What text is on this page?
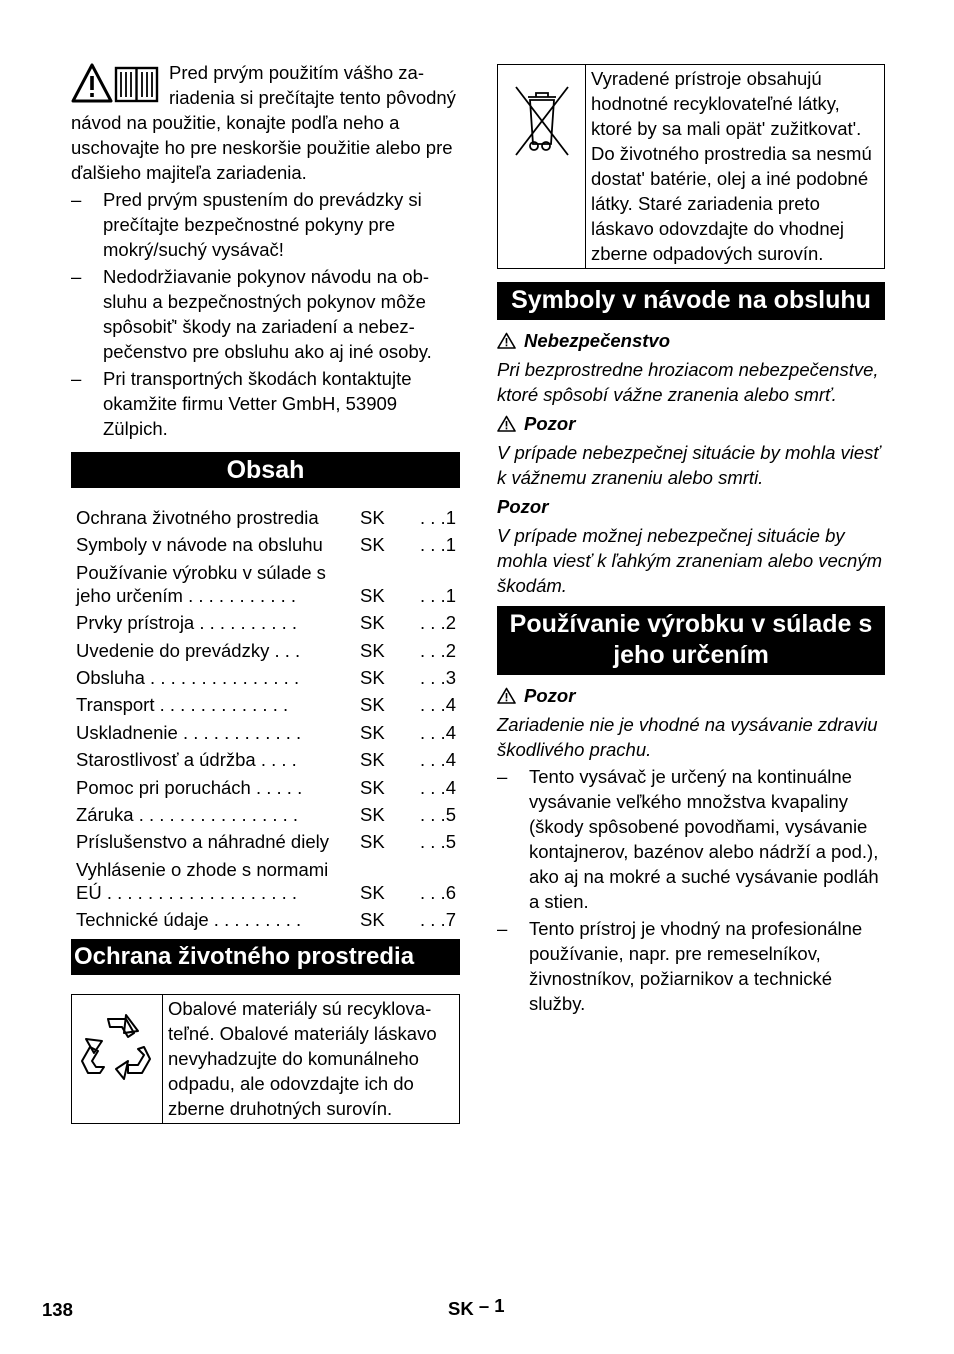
Pred prvým použitím vášho zariadenia si prečítajte tento pôvodný návod na použitie, konajte podľa neho a uschovajte ho pre neskoršie použitie alebo pre ďalšieho majiteľa zariadenia.

– Pred prvým spustením do prevádzky si prečítajte bezpečnostné pokyny pre mokrý/suchý vysávač!
– Nedodržiavanie pokynov návodu na obsluhu a bezpečnostných pokynov môže spôsobiť' škody na zariadení a nebezpečenstvo pre obsluhu ako aj iné osoby.
– Pri transportných škodách kontaktujte okamžite firmu Vetter GmbH, 53909 Zülpich.
Obsah
Ochrana životného prostredia	SK	. . .1
Symboly v návode na obsluhu	SK	. . .1
Používanie výrobku v súlade s
jeho určením . . . . . . . . . . .	SK	. . .1
Prvky prístroja . . . . . . . . . .	SK	. . .2
Uvedenie do prevádzky . . .	SK	. . .2
Obsluha . . . . . . . . . . . . . . .	SK	. . .3
Transport . . . . . . . . . . . . .	SK	. . .4
Uskladnenie . . . . . . . . . . . .	SK	. . .4
Starostlivosť a údržba . . . .	SK	. . .4
Pomoc pri poruchách . . . . .	SK	. . .4
Záruka . . . . . . . . . . . . . . . .	SK	. . .5
Príslušenstvo a náhradné diely	SK	. . .5
Vyhlásenie o zhode s normami
EÚ . . . . . . . . . . . . . . . . . . .	SK	. . .6
Technické údaje . . . . . . . . .	SK	. . .7
Ochrana životného prostredia
Obalové materiály sú recyklovateľné. Obalové materiály láskavo nevyhadzujte do komunálneho odpadu, ale odovzdajte ich do zberne druhotných surovín.
Vyradené prístroje obsahujú hodnotné recyklovateľné látky, ktoré by sa mali opät' zužitkovat'. Do životného prostredia sa nesmú dostat' batérie, olej a iné podobné látky. Staré zariadenia preto láskavo odovzdajte do vhodnej zberne odpadových surovín.
Symboly v návode na obsluhu

Nebezpečenstvo

Pri bezprostredne hroziacom nebezpečenstve, ktoré spôsobí vážne zranenia alebo smrť.

Pozor

V prípade nebezpečnej situácie by mohla viesť k vážnemu zraneniu alebo smrti.

Pozor

V prípade možnej nebezpečnej situácie by mohla viesť k ľahkým zraneniam alebo vecným škodám.

Používanie výrobku v súlade s jeho určením

Pozor

Zariadenie nie je vhodné na vysávanie zdraviu škodlivého prachu.

– Tento vysávač je určený na kontinuálne vysávanie veľkého množstva kvapaliny (škody spôsobené povodňami, vysávanie kontajnerov, bazénov alebo nádrží a pod.), ako aj na mokré a suché vysávanie podláh a stien.
– Tento prístroj je vhodný na profesionálne používanie, napr. pre remeselníkov, živnostníkov, požiarnikov a technické služby.
138	SK – 1
